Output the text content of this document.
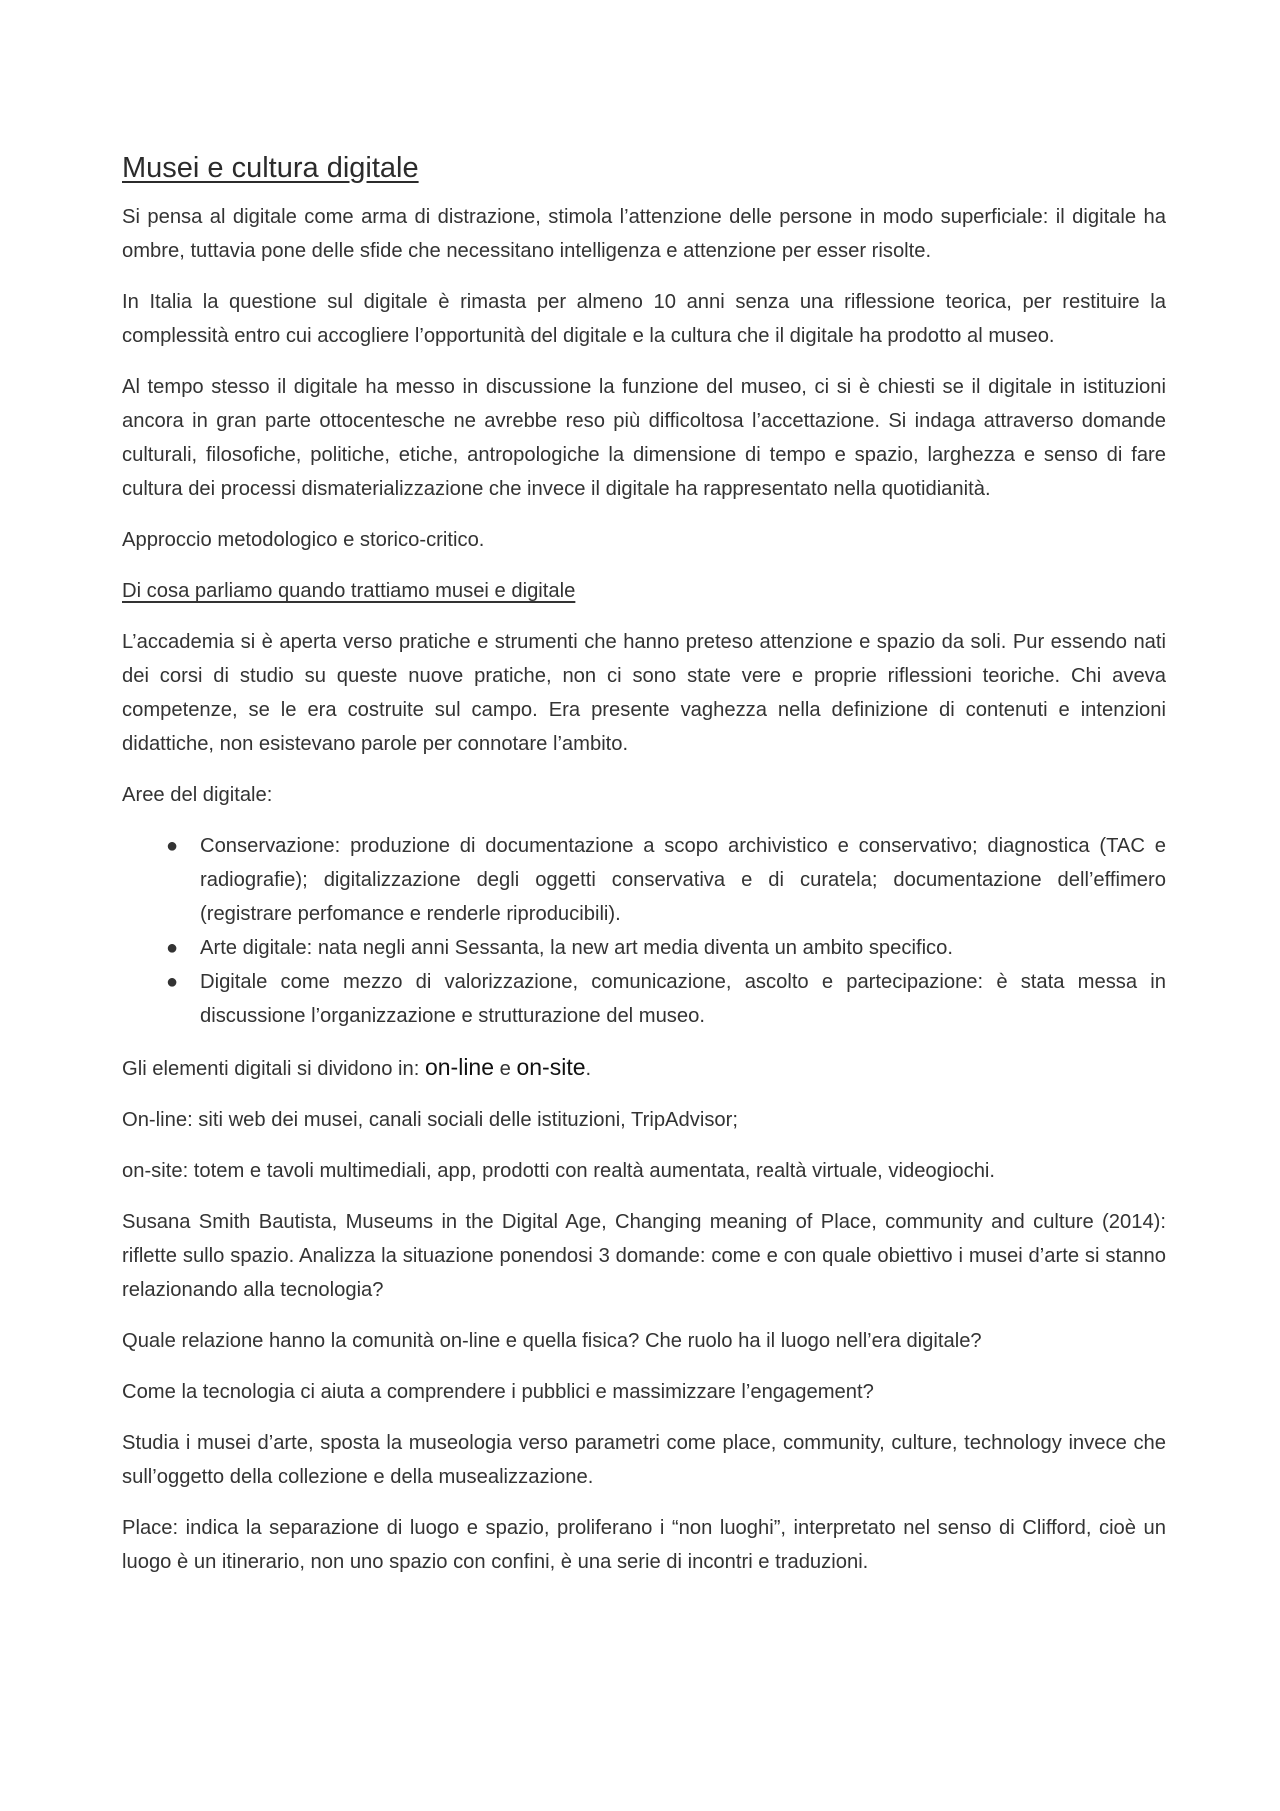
Musei e cultura digitale

Si pensa al digitale come arma di distrazione, stimola l’attenzione delle persone in modo superficiale: il digitale ha ombre, tuttavia pone delle sfide che necessitano intelligenza e attenzione per esser risolte.

In Italia la questione sul digitale è rimasta per almeno 10 anni senza una riflessione teorica, per restituire la complessità entro cui accogliere l’opportunità del digitale e la cultura che il digitale ha prodotto al museo.

Al tempo stesso il digitale ha messo in discussione la funzione del museo, ci si è chiesti se il digitale in istituzioni ancora in gran parte ottocentesche ne avrebbe reso più difficoltosa l’accettazione. Si indaga attraverso domande culturali, filosofiche, politiche, etiche, antropologiche la dimensione di tempo e spazio, larghezza e senso di fare cultura dei processi dismaterializzazione che invece il digitale ha rappresentato nella quotidianità.

Approccio metodologico e storico-critico.

Di cosa parliamo quando trattiamo musei e digitale

L’accademia si è aperta verso pratiche e strumenti che hanno preteso attenzione e spazio da soli. Pur essendo nati dei corsi di studio su queste nuove pratiche, non ci sono state vere e proprie riflessioni teoriche. Chi aveva competenze, se le era costruite sul campo. Era presente vaghezza nella definizione di contenuti e intenzioni didattiche, non esistevano parole per connotare l’ambito.

Aree del digitale:

● Conservazione: produzione di documentazione a scopo archivistico e conservativo; diagnostica (TAC e radiografie); digitalizzazione degli oggetti conservativa e di curatela; documentazione dell’effimero (registrare perfomance e renderle riproducibili).
● Arte digitale: nata negli anni Sessanta, la new art media diventa un ambito specifico.
● Digitale come mezzo di valorizzazione, comunicazione, ascolto e partecipazione: è stata messa in discussione l’organizzazione e strutturazione del museo.

Gli elementi digitali si dividono in: on-line e on-site.

On-line: siti web dei musei, canali sociali delle istituzioni, TripAdvisor;

on-site: totem e tavoli multimediali, app, prodotti con realtà aumentata, realtà virtuale, videogiochi.

Susana Smith Bautista, Museums in the Digital Age, Changing meaning of Place, community and culture (2014): riflette sullo spazio. Analizza la situazione ponendosi 3 domande: come e con quale obiettivo i musei d’arte si stanno relazionando alla tecnologia?

Quale relazione hanno la comunità on-line e quella fisica? Che ruolo ha il luogo nell’era digitale?

Come la tecnologia ci aiuta a comprendere i pubblici e massimizzare l’engagement?

Studia i musei d’arte, sposta la museologia verso parametri come place, community, culture, technology invece che sull’oggetto della collezione e della musealizzazione.

Place: indica la separazione di luogo e spazio, proliferano i “non luoghi”, interpretato nel senso di Clifford, cioè un luogo è un itinerario, non uno spazio con confini, è una serie di incontri e traduzioni.
